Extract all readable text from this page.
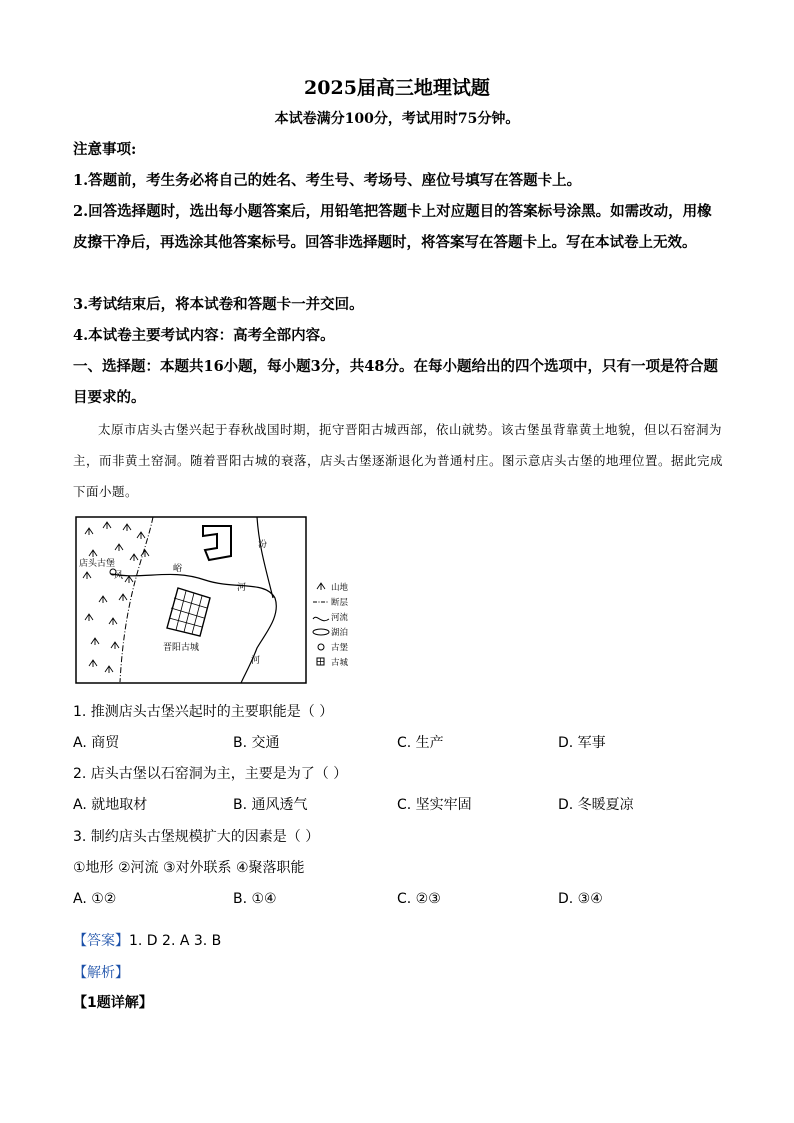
2025届高三地理试题
本试卷满分100分，考试用时75分钟。
注意事项:
1.答题前，考生务必将自己的姓名、考生号、考场号、座位号填写在答题卡上。
2.回答选择题时，选出每小题答案后，用铅笔把答题卡上对应题目的答案标号涂黑。如需改动，用橡皮擦干净后，再选涂其他答案标号。回答非选择题时，将答案写在答题卡上。写在本试卷上无效。
3.考试结束后，将本试卷和答题卡一并交回。
4.本试卷主要考试内容：高考全部内容。
一、选择题：本题共16小题，每小题3分，共48分。在每小题给出的四个选项中，只有一项是符合题目要求的。
太原市店头古堡兴起于春秋战国时期，扼守晋阳古城西部，依山就势。该古堡虽背靠黄土地貌，但以石窑洞为主，而非黄土窑洞。随着晋阳古城的衰落，店头古堡逐渐退化为普通村庄。图示意店头古堡的地理位置。据此完成下面小题。
店头古堡
风
峪
河
汾
河
晋阳古城
山地
断层
河流
湖泊
古堡
古城
1. 推测店头古堡兴起时的主要职能是（ ）
A. 商贸	B. 交通	C. 生产	D. 军事
2. 店头古堡以石窑洞为主，主要是为了（ ）
A. 就地取材	B. 通风透气	C. 坚实牢固	D. 冬暖夏凉
3. 制约店头古堡规模扩大的因素是（ ）
①地形 ②河流 ③对外联系 ④聚落职能
A. ①②	B. ①④	C. ②③	D. ③④
【答案】1. D 2. A 3. B
【解析】
【1题详解】
